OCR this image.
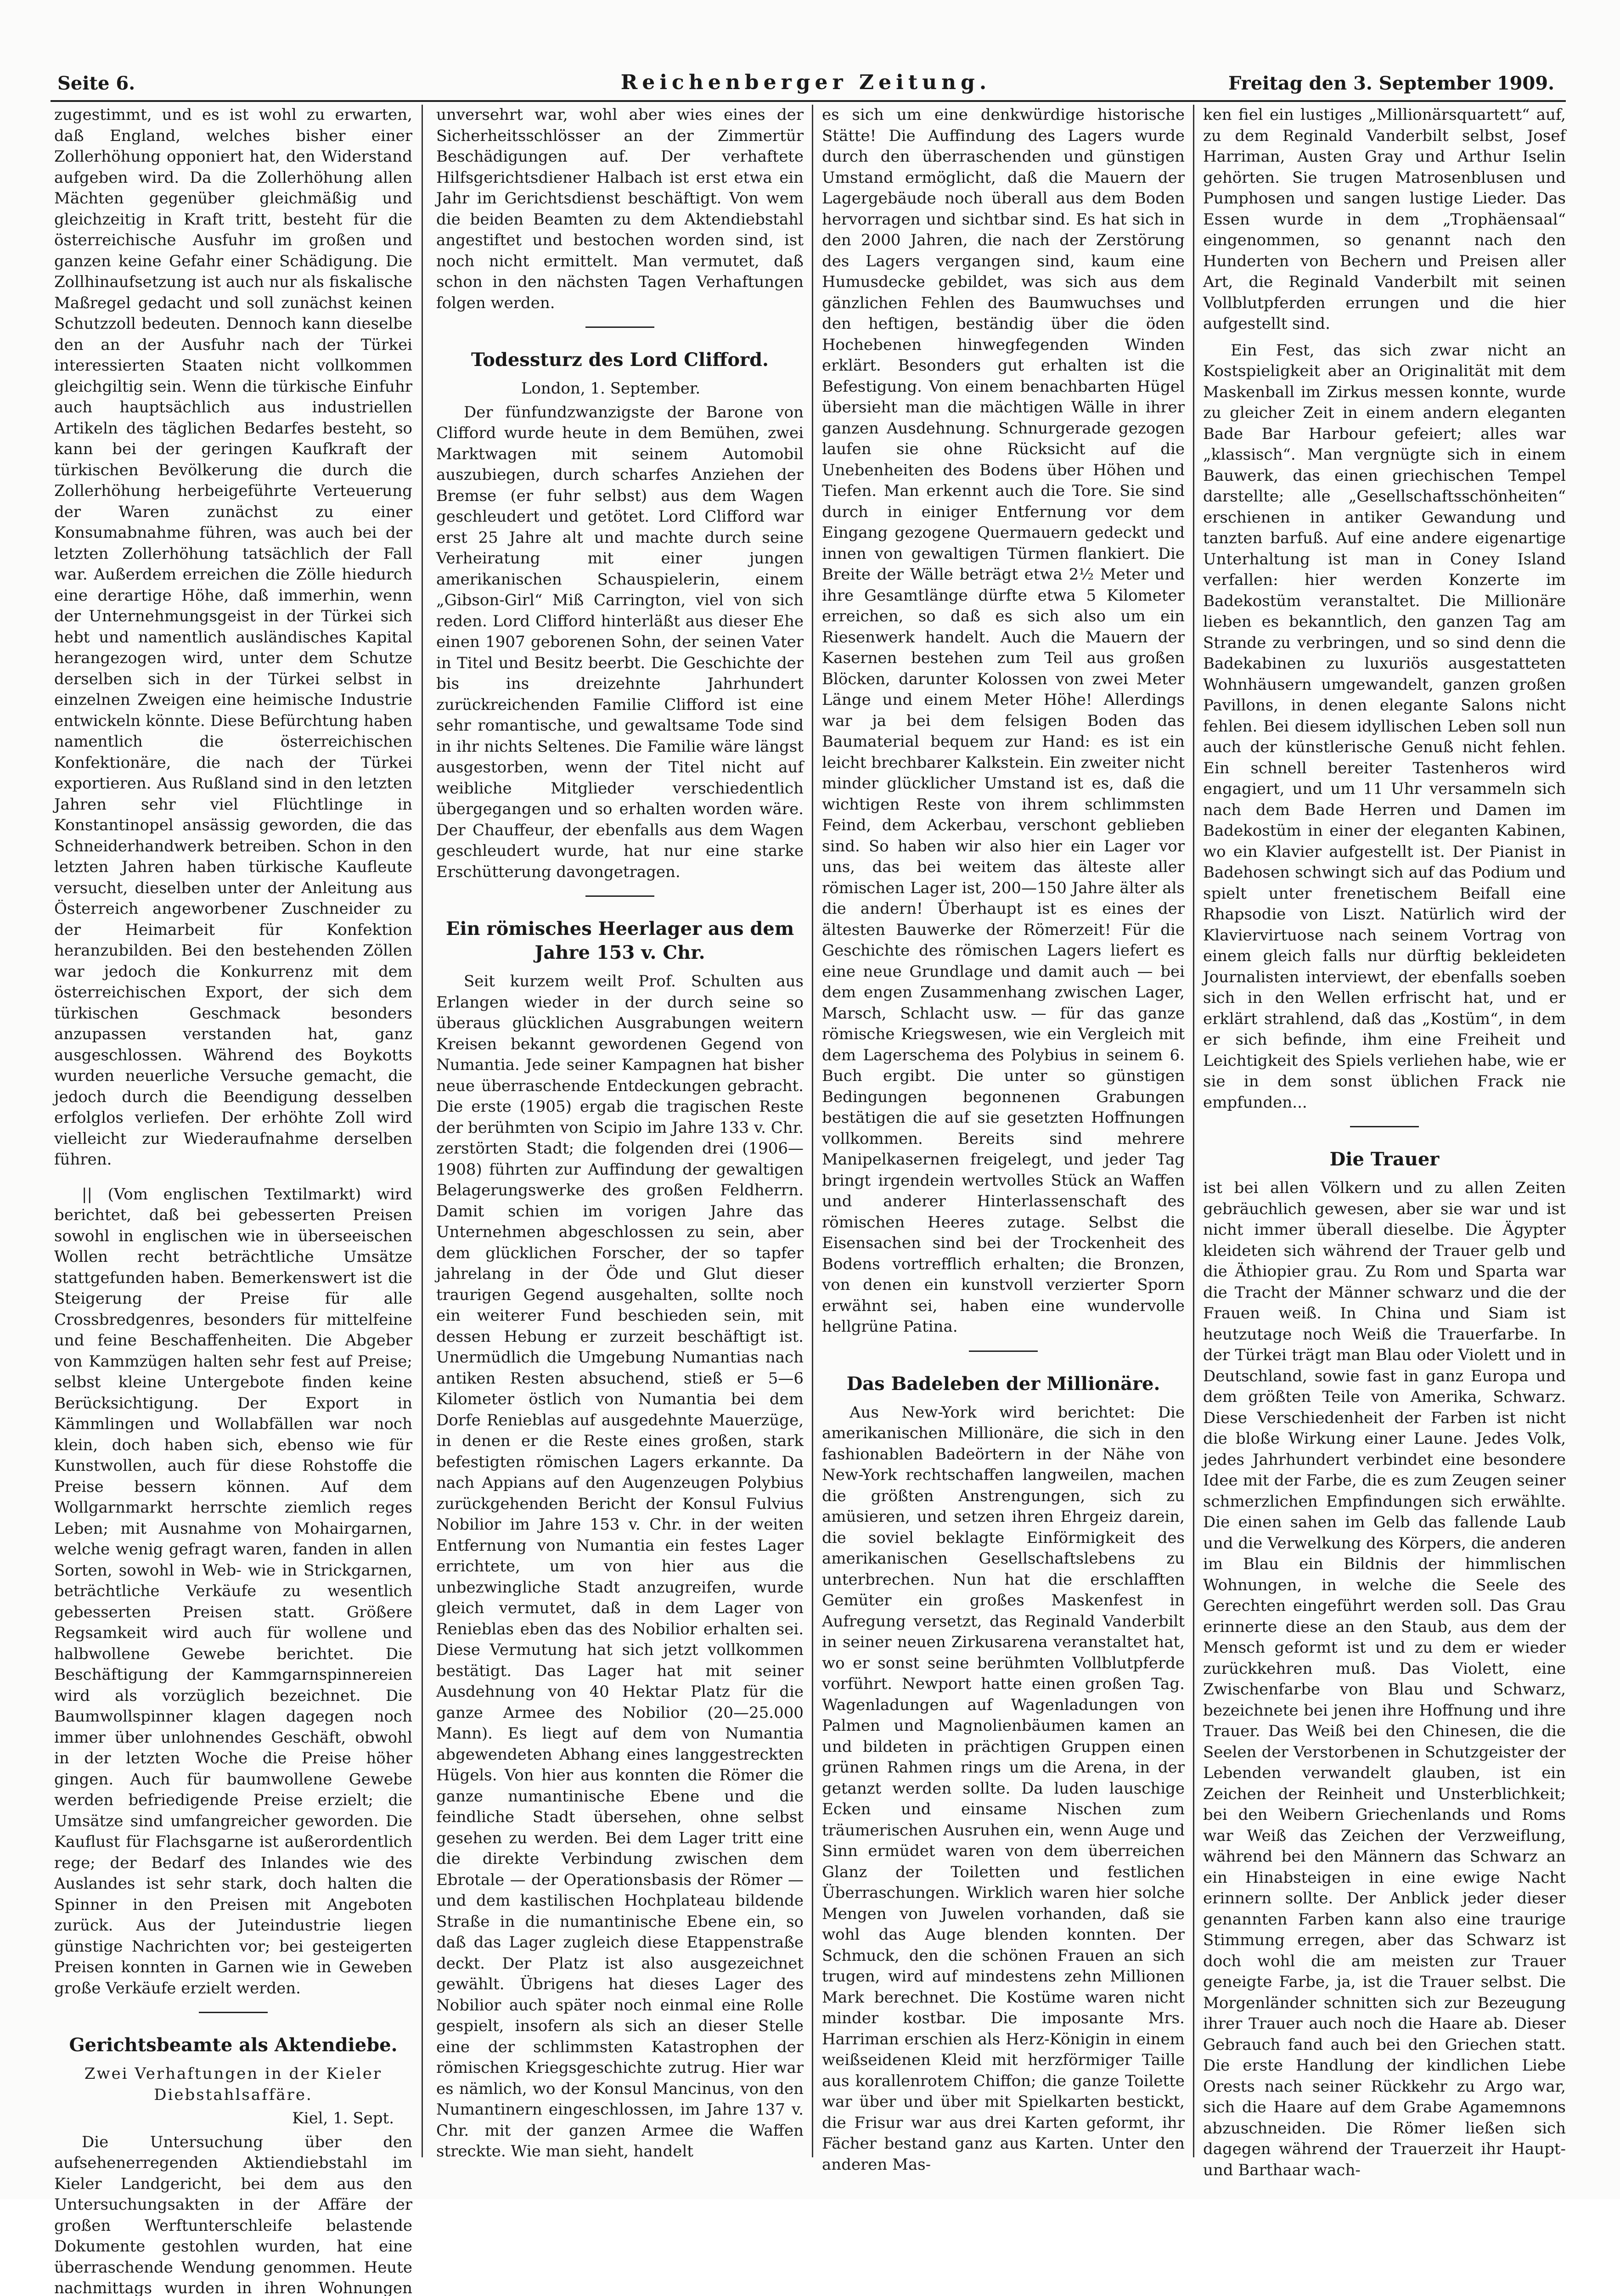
Seite 6.	Reichenberger Zeitung.	Freitag den 3. September 1909.

zugestimmt, und es ist wohl zu erwarten, daß England, welches bisher einer Zollerhöhung opponiert hat, den Widerstand aufgeben wird. Da die Zollerhöhung allen Mächten gegenüber gleichmäßig und gleichzeitig in Kraft tritt, besteht für die österreichische Ausfuhr im großen und ganzen keine Gefahr einer Schädigung. Die Zollhinaufsetzung ist auch nur als fiskalische Maßregel gedacht und soll zunächst keinen Schutzzoll bedeuten. Dennoch kann dieselbe den an der Ausfuhr nach der Türkei interessierten Staaten nicht vollkommen gleichgiltig sein. Wenn die türkische Einfuhr auch hauptsächlich aus industriellen Artikeln des täglichen Bedarfes besteht, so kann bei der geringen Kaufkraft der türkischen Bevölkerung die durch die Zollerhöhung herbeigeführte Verteuerung der Waren zunächst zu einer Konsumabnahme führen, was auch bei der letzten Zollerhöhung tatsächlich der Fall war. Außerdem erreichen die Zölle hiedurch eine derartige Höhe, daß immerhin, wenn der Unternehmungsgeist in der Türkei sich hebt und namentlich ausländisches Kapital herangezogen wird, unter dem Schutze derselben sich in der Türkei selbst in einzelnen Zweigen eine heimische Industrie entwickeln könnte. Diese Befürchtung haben namentlich die österreichischen Konfektionäre, die nach der Türkei exportieren. Aus Rußland sind in den letzten Jahren sehr viel Flüchtlinge in Konstantinopel ansässig geworden, die das Schneiderhandwerk betreiben. Schon in den letzten Jahren haben türkische Kaufleute versucht, dieselben unter der Anleitung aus Österreich angeworbener Zuschneider zu der Heimarbeit für Konfektion heranzubilden. Bei den bestehenden Zöllen war jedoch die Konkurrenz mit dem österreichischen Export, der sich dem türkischen Geschmack besonders anzupassen verstanden hat, ganz ausgeschlossen. Während des Boykotts wurden neuerliche Versuche gemacht, die jedoch durch die Beendigung desselben erfolglos verliefen. Der erhöhte Zoll wird vielleicht zur Wiederaufnahme derselben führen.

|| (Vom englischen Textilmarkt) wird berichtet, daß bei gebesserten Preisen sowohl in englischen wie in überseeischen Wollen recht beträchtliche Umsätze stattgefunden haben. Bemerkenswert ist die Steigerung der Preise für alle Crossbredgenres, besonders für mittelfeine und feine Beschaffenheiten. Die Abgeber von Kammzügen halten sehr fest auf Preise; selbst kleine Untergebote finden keine Berücksichtigung. Der Export in Kämmlingen und Wollabfällen war noch klein, doch haben sich, ebenso wie für Kunstwollen, auch für diese Rohstoffe die Preise bessern können. Auf dem Wollgarnmarkt herrschte ziemlich reges Leben; mit Ausnahme von Mohairgarnen, welche wenig gefragt waren, fanden in allen Sorten, sowohl in Web- wie in Strickgarnen, beträchtliche Verkäufe zu wesentlich gebesserten Preisen statt. Größere Regsamkeit wird auch für wollene und halbwollene Gewebe berichtet. Die Beschäftigung der Kammgarnspinnereien wird als vorzüglich bezeichnet. Die Baumwollspinner klagen dagegen noch immer über unlohnendes Geschäft, obwohl in der letzten Woche die Preise höher gingen. Auch für baumwollene Gewebe werden befriedigende Preise erzielt; die Umsätze sind umfangreicher geworden. Die Kauflust für Flachsgarne ist außerordentlich rege; der Bedarf des Inlandes wie des Auslandes ist sehr stark, doch halten die Spinner in den Preisen mit Angeboten zurück. Aus der Juteindustrie liegen günstige Nachrichten vor; bei gesteigerten Preisen konnten in Garnen wie in Geweben große Verkäufe erzielt werden.

Gerichtsbeamte als Aktendiebe.
Zwei Verhaftungen in der Kieler Diebstahlsaffäre.
Kiel, 1. Sept.

Die Untersuchung über den aufsehenerregenden Aktiendiebstahl im Kieler Landgericht, bei dem aus den Untersuchungsakten in der Affäre der großen Werftunterschleife belastende Dokumente gestohlen wurden, hat eine überraschende Wendung genommen. Heute nachmittags wurden in ihren Wohnungen

unversehrt war, wohl aber wies eines der Sicherheitsschlösser an der Zimmertür Beschädigungen auf. Der verhaftete Hilfsgerichtsdiener Halbach ist erst etwa ein Jahr im Gerichtsdienst beschäftigt. Von wem die beiden Beamten zu dem Aktendiebstahl angestiftet und bestochen worden sind, ist noch nicht ermittelt. Man vermutet, daß schon in den nächsten Tagen Verhaftungen folgen werden.

Todessturz des Lord Clifford.
London, 1. September.

Der fünfundzwanzigste der Barone von Clifford wurde heute in dem Bemühen, zwei Marktwagen mit seinem Automobil auszubiegen, durch scharfes Anziehen der Bremse (er fuhr selbst) aus dem Wagen geschleudert und getötet. Lord Clifford war erst 25 Jahre alt und machte durch seine Verheiratung mit einer jungen amerikanischen Schauspielerin, einem „Gibson-Girl“ Miß Carrington, viel von sich reden. Lord Clifford hinterläßt aus dieser Ehe einen 1907 geborenen Sohn, der seinen Vater in Titel und Besitz beerbt. Die Geschichte der bis ins dreizehnte Jahrhundert zurückreichenden Familie Clifford ist eine sehr romantische, und gewaltsame Tode sind in ihr nichts Seltenes. Die Familie wäre längst ausgestorben, wenn der Titel nicht auf weibliche Mitglieder verschiedentlich übergegangen und so erhalten worden wäre. Der Chauffeur, der ebenfalls aus dem Wagen geschleudert wurde, hat nur eine starke Erschütterung davongetragen.

Ein römisches Heerlager aus dem Jahre 153 v. Chr.

Seit kurzem weilt Prof. Schulten aus Erlangen wieder in der durch seine so überaus glücklichen Ausgrabungen weitern Kreisen bekannt gewordenen Gegend von Numantia. Jede seiner Kampagnen hat bisher neue überraschende Entdeckungen gebracht. Die erste (1905) ergab die tragischen Reste der berühmten von Scipio im Jahre 133 v. Chr. zerstörten Stadt; die folgenden drei (1906—1908) führten zur Auffindung der gewaltigen Belagerungswerke des großen Feldherrn. Damit schien im vorigen Jahre das Unternehmen abgeschlossen zu sein, aber dem glücklichen Forscher, der so tapfer jahrelang in der Öde und Glut dieser traurigen Gegend ausgehalten, sollte noch ein weiterer Fund beschieden sein, mit dessen Hebung er zurzeit beschäftigt ist. Unermüdlich die Umgebung Numantias nach antiken Resten absuchend, stieß er 5—6 Kilometer östlich von Numantia bei dem Dorfe Renieblas auf ausgedehnte Mauerzüge, in denen er die Reste eines großen, stark befestigten römischen Lagers erkannte. Da nach Appians auf den Augenzeugen Polybius zurückgehenden Bericht der Konsul Fulvius Nobilior im Jahre 153 v. Chr. in der weiten Entfernung von Numantia ein festes Lager errichtete, um von hier aus die unbezwingliche Stadt anzugreifen, wurde gleich vermutet, daß in dem Lager von Renieblas eben das des Nobilior erhalten sei. Diese Vermutung hat sich jetzt vollkommen bestätigt. Das Lager hat mit seiner Ausdehnung von 40 Hektar Platz für die ganze Armee des Nobilior (20—25.000 Mann). Es liegt auf dem von Numantia abgewendeten Abhang eines langgestreckten Hügels. Von hier aus konnten die Römer die ganze numantinische Ebene und die feindliche Stadt übersehen, ohne selbst gesehen zu werden. Bei dem Lager tritt eine die direkte Verbindung zwischen dem Ebrotale — der Operationsbasis der Römer — und dem kastilischen Hochplateau bildende Straße in die numantinische Ebene ein, so daß das Lager zugleich diese Etappenstraße deckt. Der Platz ist also ausgezeichnet gewählt. Übrigens hat dieses Lager des Nobilior auch später noch einmal eine Rolle gespielt, insofern als sich an dieser Stelle eine der schlimmsten Katastrophen der römischen Kriegsgeschichte zutrug. Hier war es nämlich, wo der Konsul Mancinus, von den Numantinern eingeschlossen, im Jahre 137 v. Chr. mit der ganzen Armee die Waffen streckte. Wie man sieht, handelt

es sich um eine denkwürdige historische Stätte! Die Auffindung des Lagers wurde durch den überraschenden und günstigen Umstand ermöglicht, daß die Mauern der Lagergebäude noch überall aus dem Boden hervorragen und sichtbar sind. Es hat sich in den 2000 Jahren, die nach der Zerstörung des Lagers vergangen sind, kaum eine Humusdecke gebildet, was sich aus dem gänzlichen Fehlen des Baumwuchses und den heftigen, beständig über die öden Hochebenen hinwegfegenden Winden erklärt. Besonders gut erhalten ist die Befestigung. Von einem benachbarten Hügel übersieht man die mächtigen Wälle in ihrer ganzen Ausdehnung. Schnurgerade gezogen laufen sie ohne Rücksicht auf die Unebenheiten des Bodens über Höhen und Tiefen. Man erkennt auch die Tore. Sie sind durch in einiger Entfernung vor dem Eingang gezogene Quermauern gedeckt und innen von gewaltigen Türmen flankiert. Die Breite der Wälle beträgt etwa 2½ Meter und ihre Gesamtlänge dürfte etwa 5 Kilometer erreichen, so daß es sich also um ein Riesenwerk handelt. Auch die Mauern der Kasernen bestehen zum Teil aus großen Blöcken, darunter Kolossen von zwei Meter Länge und einem Meter Höhe! Allerdings war ja bei dem felsigen Boden das Baumaterial bequem zur Hand: es ist ein leicht brechbarer Kalkstein. Ein zweiter nicht minder glücklicher Umstand ist es, daß die wichtigen Reste von ihrem schlimmsten Feind, dem Ackerbau, verschont geblieben sind. So haben wir also hier ein Lager vor uns, das bei weitem das älteste aller römischen Lager ist, 200—150 Jahre älter als die andern! Überhaupt ist es eines der ältesten Bauwerke der Römerzeit! Für die Geschichte des römischen Lagers liefert es eine neue Grundlage und damit auch — bei dem engen Zusammenhang zwischen Lager, Marsch, Schlacht usw. — für das ganze römische Kriegswesen, wie ein Vergleich mit dem Lagerschema des Polybius in seinem 6. Buch ergibt. Die unter so günstigen Bedingungen begonnenen Grabungen bestätigen die auf sie gesetzten Hoffnungen vollkommen. Bereits sind mehrere Manipelkasernen freigelegt, und jeder Tag bringt irgendein wertvolles Stück an Waffen und anderer Hinterlassenschaft des römischen Heeres zutage. Selbst die Eisensachen sind bei der Trockenheit des Bodens vortrefflich erhalten; die Bronzen, von denen ein kunstvoll verzierter Sporn erwähnt sei, haben eine wundervolle hellgrüne Patina.

Das Badeleben der Millionäre.

Aus New-York wird berichtet: Die amerikanischen Millionäre, die sich in den fashionablen Badeörtern in der Nähe von New-York rechtschaffen langweilen, machen die größten Anstrengungen, sich zu amüsieren, und setzen ihren Ehrgeiz darein, die soviel beklagte Einförmigkeit des amerikanischen Gesellschaftslebens zu unterbrechen. Nun hat die erschlafften Gemüter ein großes Maskenfest in Aufregung versetzt, das Reginald Vanderbilt in seiner neuen Zirkusarena veranstaltet hat, wo er sonst seine berühmten Vollblutpferde vorführt. Newport hatte einen großen Tag. Wagenladungen auf Wagenladungen von Palmen und Magnolienbäumen kamen an und bildeten in prächtigen Gruppen einen grünen Rahmen rings um die Arena, in der getanzt werden sollte. Da luden lauschige Ecken und einsame Nischen zum träumerischen Ausruhen ein, wenn Auge und Sinn ermüdet waren von dem überreichen Glanz der Toiletten und festlichen Überraschungen. Wirklich waren hier solche Mengen von Juwelen vorhanden, daß sie wohl das Auge blenden konnten. Der Schmuck, den die schönen Frauen an sich trugen, wird auf mindestens zehn Millionen Mark berechnet. Die Kostüme waren nicht minder kostbar. Die imposante Mrs. Harriman erschien als Herz-Königin in einem weißseidenen Kleid mit herzförmiger Taille aus korallenrotem Chiffon; die ganze Toilette war über und über mit Spielkarten bestickt, die Frisur war aus drei Karten geformt, ihr Fächer bestand ganz aus Karten. Unter den anderen Mas-

ken fiel ein lustiges „Millionärsquartett“ auf, zu dem Reginald Vanderbilt selbst, Josef Harriman, Austen Gray und Arthur Iselin gehörten. Sie trugen Matrosenblusen und Pumphosen und sangen lustige Lieder. Das Essen wurde in dem „Trophäensaal“ eingenommen, so genannt nach den Hunderten von Bechern und Preisen aller Art, die Reginald Vanderbilt mit seinen Vollblutpferden errungen und die hier aufgestellt sind.

Ein Fest, das sich zwar nicht an Kostspieligkeit aber an Originalität mit dem Maskenball im Zirkus messen konnte, wurde zu gleicher Zeit in einem andern eleganten Bade Bar Harbour gefeiert; alles war „klassisch“. Man vergnügte sich in einem Bauwerk, das einen griechischen Tempel darstellte; alle „Gesellschaftsschönheiten“ erschienen in antiker Gewandung und tanzten barfuß. Auf eine andere eigenartige Unterhaltung ist man in Coney Island verfallen: hier werden Konzerte im Badekostüm veranstaltet. Die Millionäre lieben es bekanntlich, den ganzen Tag am Strande zu verbringen, und so sind denn die Badekabinen zu luxuriös ausgestatteten Wohnhäusern umgewandelt, ganzen großen Pavillons, in denen elegante Salons nicht fehlen. Bei diesem idyllischen Leben soll nun auch der künstlerische Genuß nicht fehlen. Ein schnell bereiter Tastenheros wird engagiert, und um 11 Uhr versammeln sich nach dem Bade Herren und Damen im Badekostüm in einer der eleganten Kabinen, wo ein Klavier aufgestellt ist. Der Pianist in Badehosen schwingt sich auf das Podium und spielt unter frenetischem Beifall eine Rhapsodie von Liszt. Natürlich wird der Klaviervirtuose nach seinem Vortrag von einem gleich falls nur dürftig bekleideten Journalisten interviewt, der ebenfalls soeben sich in den Wellen erfrischt hat, und er erklärt strahlend, daß das „Kostüm“, in dem er sich befinde, ihm eine Freiheit und Leichtigkeit des Spiels verliehen habe, wie er sie in dem sonst üblichen Frack nie empfunden...

Die Trauer

ist bei allen Völkern und zu allen Zeiten gebräuchlich gewesen, aber sie war und ist nicht immer überall dieselbe. Die Ägypter kleideten sich während der Trauer gelb und die Äthiopier grau. Zu Rom und Sparta war die Tracht der Männer schwarz und die der Frauen weiß. In China und Siam ist heutzutage noch Weiß die Trauerfarbe. In der Türkei trägt man Blau oder Violett und in Deutschland, sowie fast in ganz Europa und dem größten Teile von Amerika, Schwarz. Diese Verschiedenheit der Farben ist nicht die bloße Wirkung einer Laune. Jedes Volk, jedes Jahrhundert verbindet eine besondere Idee mit der Farbe, die es zum Zeugen seiner schmerzlichen Empfindungen sich erwählte. Die einen sahen im Gelb das fallende Laub und die Verwelkung des Körpers, die anderen im Blau ein Bildnis der himmlischen Wohnungen, in welche die Seele des Gerechten eingeführt werden soll. Das Grau erinnerte diese an den Staub, aus dem der Mensch geformt ist und zu dem er wieder zurückkehren muß. Das Violett, eine Zwischenfarbe von Blau und Schwarz, bezeichnete bei jenen ihre Hoffnung und ihre Trauer. Das Weiß bei den Chinesen, die die Seelen der Verstorbenen in Schutzgeister der Lebenden verwandelt glauben, ist ein Zeichen der Reinheit und Unsterblichkeit; bei den Weibern Griechenlands und Roms war Weiß das Zeichen der Verzweiflung, während bei den Männern das Schwarz an ein Hinabsteigen in eine ewige Nacht erinnern sollte. Der Anblick jeder dieser genannten Farben kann also eine traurige Stimmung erregen, aber das Schwarz ist doch wohl die am meisten zur Trauer geneigte Farbe, ja, ist die Trauer selbst. Die Morgenländer schnitten sich zur Bezeugung ihrer Trauer auch noch die Haare ab. Dieser Gebrauch fand auch bei den Griechen statt. Die erste Handlung der kindlichen Liebe Orests nach seiner Rückkehr zu Argo war, sich die Haare auf dem Grabe Agamemnons abzuschneiden. Die Römer ließen sich dagegen während der Trauerzeit ihr Haupt- und Barthaar wach-
